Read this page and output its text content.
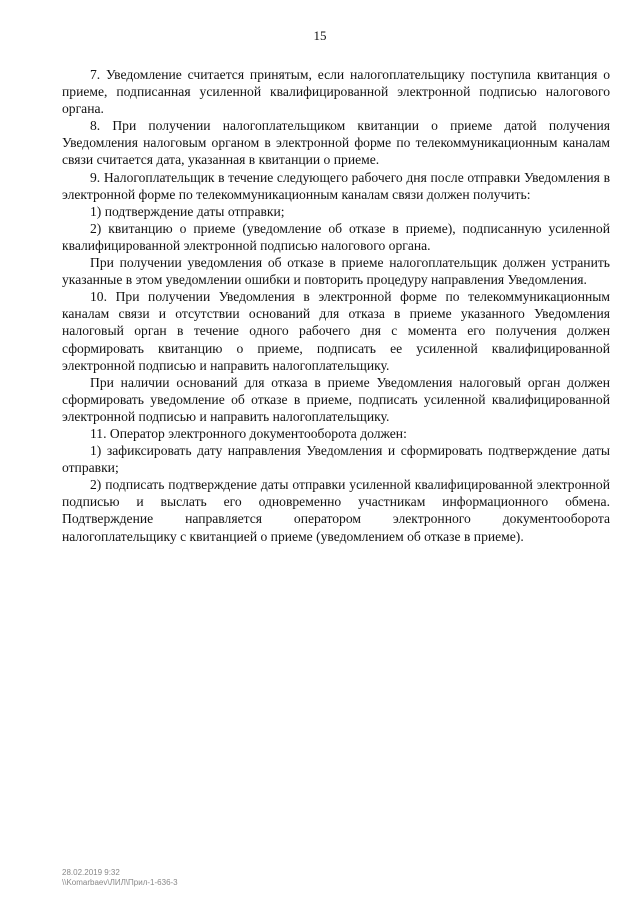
15

7. Уведомление считается принятым, если налогоплательщику поступила квитанция о приеме, подписанная усиленной квалифицированной электронной подписью налогового органа.

8. При получении налогоплательщиком квитанции о приеме датой получения Уведомления налоговым органом в электронной форме по телекоммуникационным каналам связи считается дата, указанная в квитанции о приеме.

9. Налогоплательщик в течение следующего рабочего дня после отправки Уведомления в электронной форме по телекоммуникационным каналам связи должен получить:

1) подтверждение даты отправки;

2) квитанцию о приеме (уведомление об отказе в приеме), подписанную усиленной квалифицированной электронной подписью налогового органа.

При получении уведомления об отказе в приеме налогоплательщик должен устранить указанные в этом уведомлении ошибки и повторить процедуру направления Уведомления.

10. При получении Уведомления в электронной форме по телекоммуникационным каналам связи и отсутствии оснований для отказа в приеме указанного Уведомления налоговый орган в течение одного рабочего дня с момента его получения должен сформировать квитанцию о приеме, подписать ее усиленной квалифицированной электронной подписью и направить налогоплательщику.

При наличии оснований для отказа в приеме Уведомления налоговый орган должен сформировать уведомление об отказе в приеме, подписать усиленной квалифицированной электронной подписью и направить налогоплательщику.

11. Оператор электронного документооборота должен:

1) зафиксировать дату направления Уведомления и сформировать подтверждение даты отправки;

2) подписать подтверждение даты отправки усиленной квалифицированной электронной подписью и выслать его одновременно участникам информационного обмена. Подтверждение направляется оператором электронного документооборота налогоплательщику с квитанцией о приеме (уведомлением об отказе в приеме).

28.02.2019 9:32
\\Komarbaev\ЛИЛ\Прил-1-636-3
